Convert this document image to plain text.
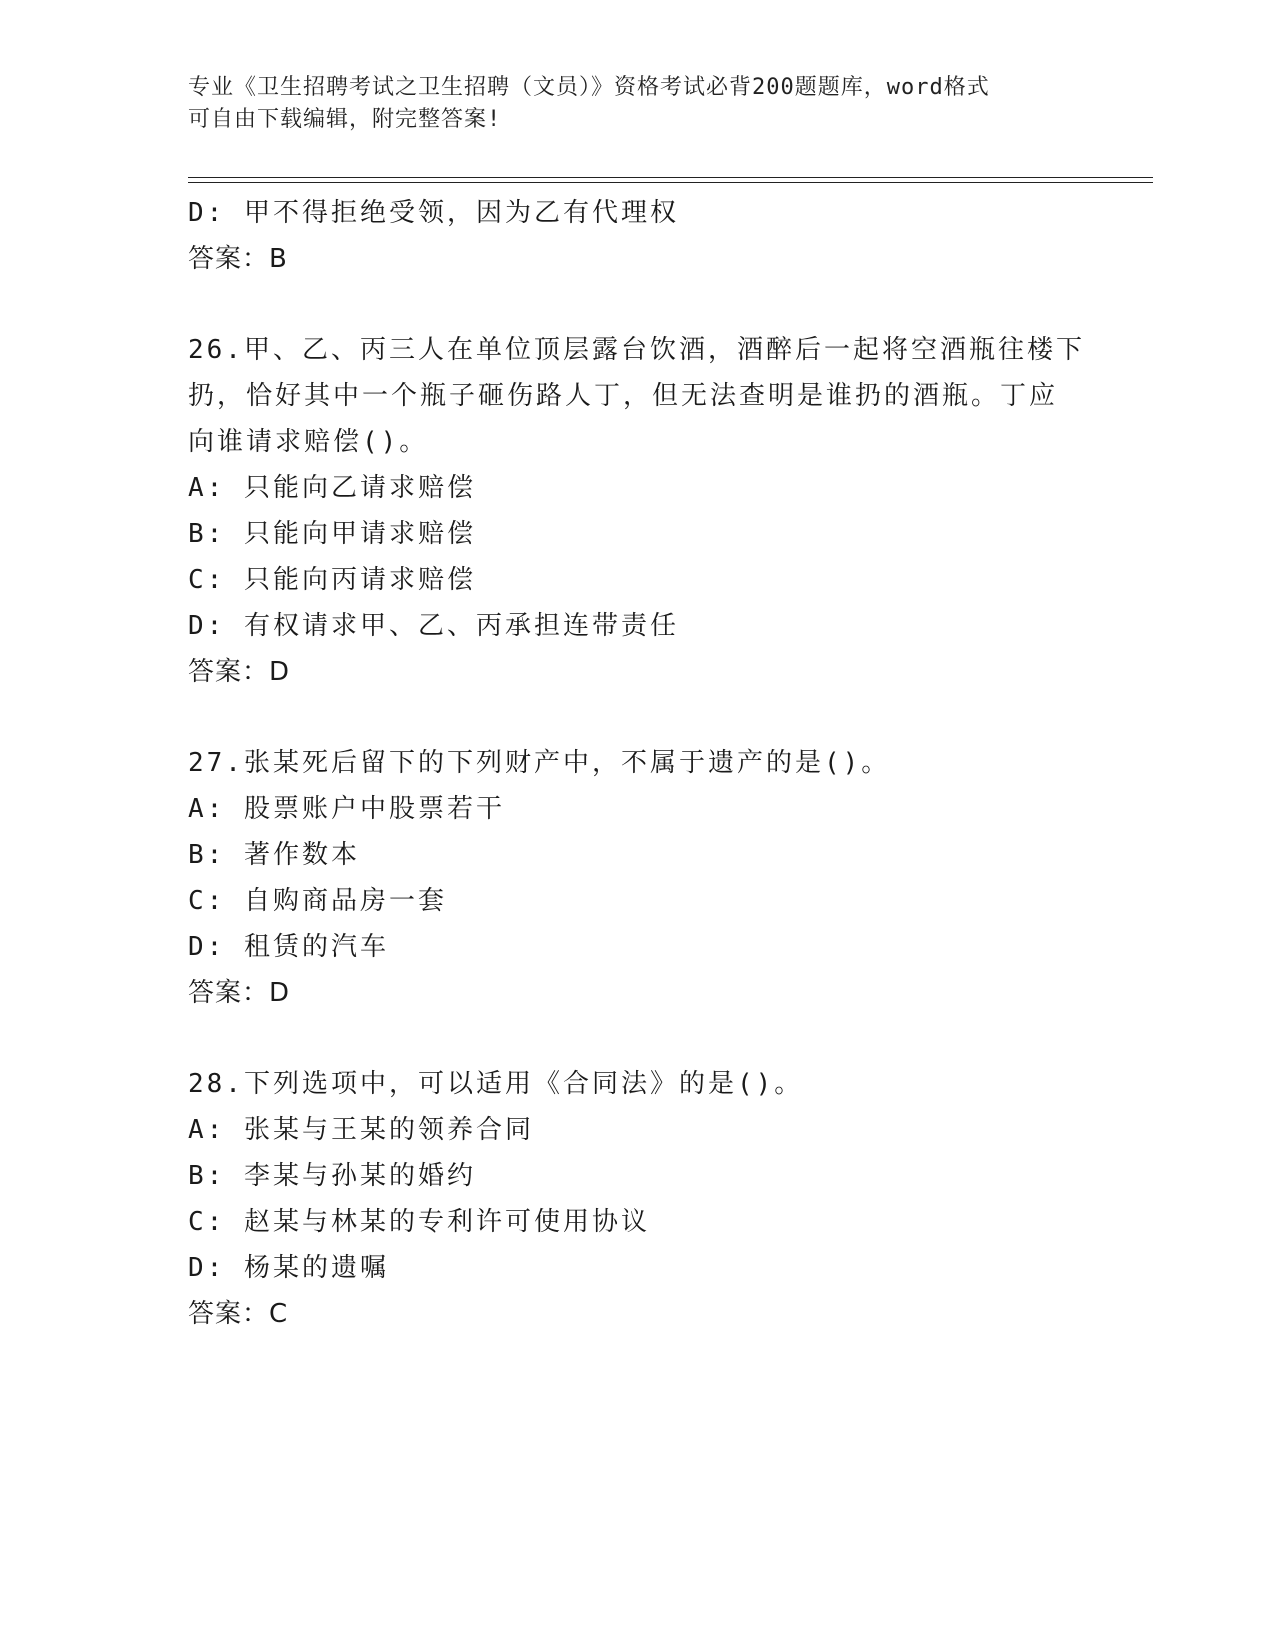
专业《卫生招聘考试之卫生招聘（文员）》资格考试必背200题题库，word格式
可自由下载编辑，附完整答案!
D: 甲不得拒绝受领，因为乙有代理权
答案：B
26.甲、乙、丙三人在单位顶层露台饮酒，酒醉后一起将空酒瓶往楼下
扔，恰好其中一个瓶子砸伤路人丁，但无法查明是谁扔的酒瓶。丁应
向谁请求赔偿()。
A: 只能向乙请求赔偿
B: 只能向甲请求赔偿
C: 只能向丙请求赔偿
D: 有权请求甲、乙、丙承担连带责任
答案：D
27.张某死后留下的下列财产中，不属于遗产的是()。
A: 股票账户中股票若干
B: 著作数本
C: 自购商品房一套
D: 租赁的汽车
答案：D
28.下列选项中，可以适用《合同法》的是()。
A: 张某与王某的领养合同
B: 李某与孙某的婚约
C: 赵某与林某的专利许可使用协议
D: 杨某的遗嘱
答案：C
